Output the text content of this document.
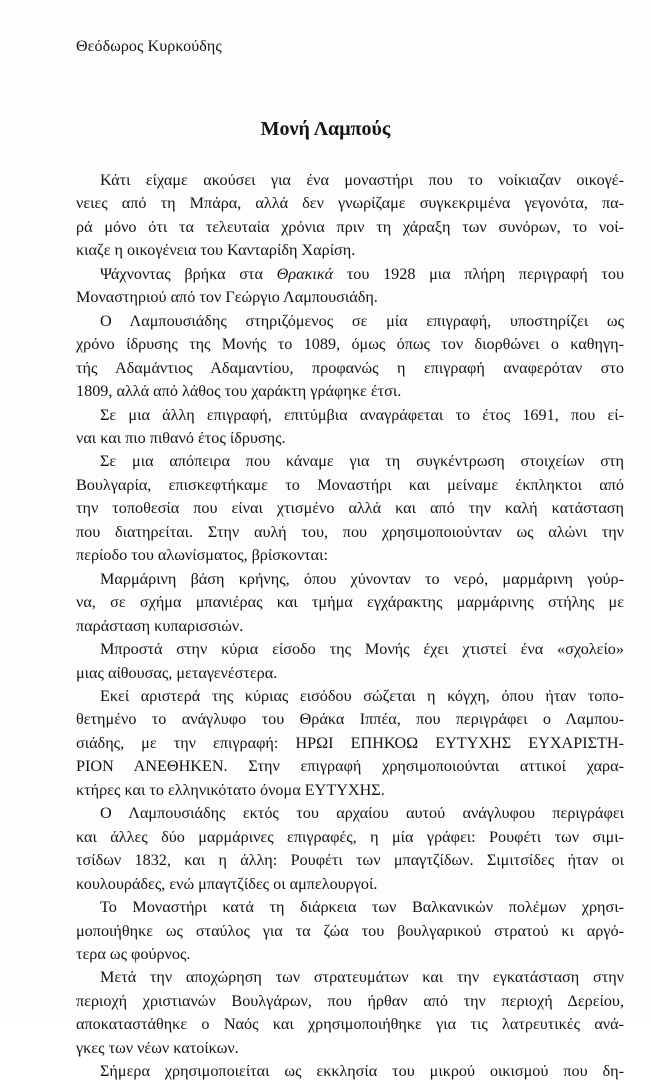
Θεόδωρος Κυρκούδης
Μονή Λαμπούς

Κάτι είχαμε ακούσει για ένα μοναστήρι που το νοίκιαζαν οικογέ-
νειες από τη Μπάρα, αλλά δεν γνωρίζαμε συγκεκριμένα γεγονότα, πα-
ρά μόνο ότι τα τελευταία χρόνια πριν τη χάραξη των συνόρων, το νοί-
κιαζε η οικογένεια του Κανταρίδη Χαρίση.

Ψάχνοντας βρήκα στα Θρακικά του 1928 μια πλήρη περιγραφή του
Μοναστηριού από τον Γεώργιο Λαμπουσιάδη.

Ο Λαμπουσιάδης στηριζόμενος σε μία επιγραφή, υποστηρίζει ως
χρόνο ίδρυσης της Μονής το 1089, όμως όπως τον διορθώνει ο καθηγη-
τής Αδαμάντιος Αδαμαντίου, προφανώς η επιγραφή αναφερόταν στο
1809, αλλά από λάθος του χαράκτη γράφηκε έτσι.

Σε μια άλλη επιγραφή, επιτύμβια αναγράφεται το έτος 1691, που εί-
ναι και πιο πιθανό έτος ίδρυσης.

Σε μια απόπειρα που κάναμε για τη συγκέντρωση στοιχείων στη
Βουλγαρία, επισκεφτήκαμε το Μοναστήρι και μείναμε έκπληκτοι από
την τοποθεσία που είναι χτισμένο αλλά και από την καλή κατάσταση
που διατηρείται. Στην αυλή του, που χρησιμοποιούνταν ως αλώνι την
περίοδο του αλωνίσματος, βρίσκονται:

Μαρμάρινη βάση κρήνης, όπου χύνονταν το νερό, μαρμάρινη γούρ-
να, σε σχήμα μπανιέρας και τμήμα εγχάρακτης μαρμάρινης στήλης με
παράσταση κυπαρισσιών.

Μπροστά στην κύρια είσοδο της Μονής έχει χτιστεί ένα «σχολείο»
μιας αίθουσας, μεταγενέστερα.

Εκεί αριστερά της κύριας εισόδου σώζεται η κόγχη, όπου ήταν τοπο-
θετημένο το ανάγλυφο του Θράκα Ιππέα, που περιγράφει ο Λαμπου-
σιάδης, με την επιγραφή: ΗΡΩΙ ΕΠΗΚΟΩ ΕΥΤΥΧΗΣ ΕΥΧΑΡΙΣΤΗ-
ΡΙΟΝ ΑΝΕΘΗΚΕΝ. Στην επιγραφή χρησιμοποιούνται αττικοί χαρα-
κτήρες και το ελληνικότατο όνομα ΕΥΤΥΧΗΣ.

Ο Λαμπουσιάδης εκτός του αρχαίου αυτού ανάγλυφου περιγράφει
και άλλες δύο μαρμάρινες επιγραφές, η μία γράφει: Ρουφέτι των σιμι-
τσίδων 1832, και η άλλη: Ρουφέτι των μπαγτζίδων. Σιμιτσίδες ήταν οι
κουλουράδες, ενώ μπαγτζίδες οι αμπελουργοί.

Το Μοναστήρι κατά τη διάρκεια των Βαλκανικών πολέμων χρησι-
μοποιήθηκε ως σταύλος για τα ζώα του βουλγαρικού στρατού κι αργό-
τερα ως φούρνος.

Μετά την αποχώρηση των στρατευμάτων και την εγκατάσταση στην
περιοχή χριστιανών Βουλγάρων, που ήρθαν από την περιοχή Δερείου,
αποκαταστάθηκε ο Ναός και χρησιμοποιήθηκε για τις λατρευτικές ανά-
γκες των νέων κατοίκων.

Σήμερα χρησιμοποιείται ως εκκλησία του μικρού οικισμού που δη-
